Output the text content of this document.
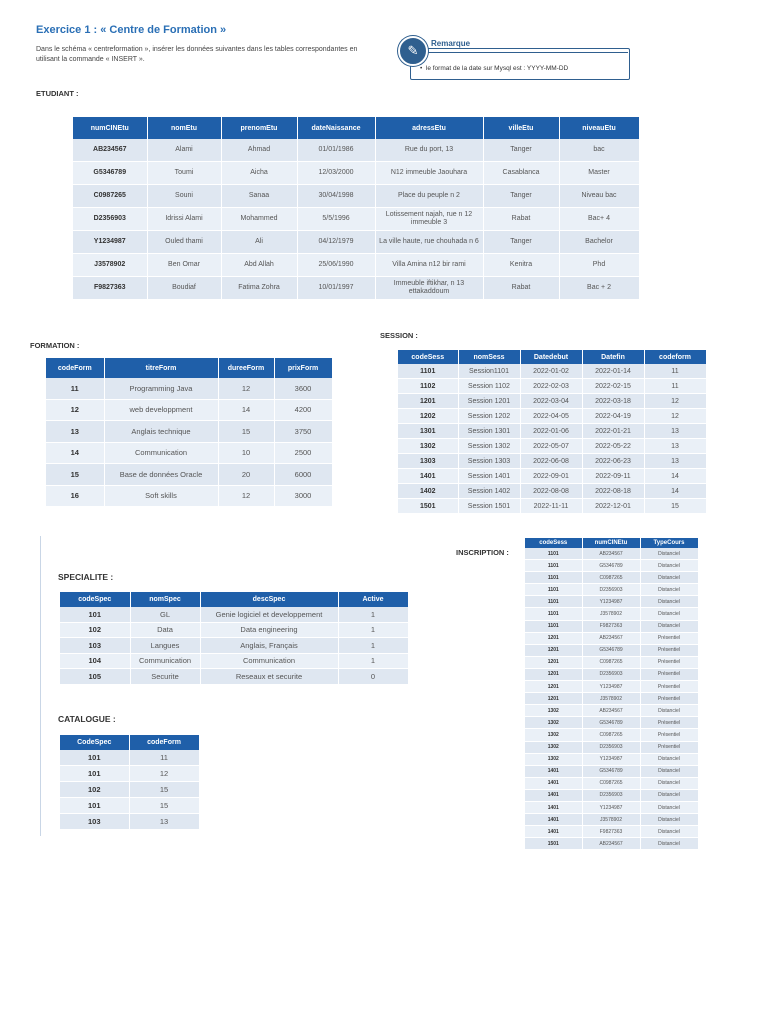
Exercice 1 : « Centre de Formation »
Dans le schéma « centreformation », insérer les données suivantes dans les tables correspondantes en utilisant la commande « INSERT ».
✎	Remarque
•  le format de la date sur Mysql est : YYYY-MM-DD
ETUDIANT :
numCINEtu	nomEtu	prenomEtu	dateNaissance	adressEtu	villeEtu	niveauEtu
AB234567	Alami	Ahmad	01/01/1986	Rue du port, 13	Tanger	bac
G5346789	Toumi	Aicha	12/03/2000	N12 immeuble Jaouhara	Casablanca	Master
C0987265	Souni	Sanaa	30/04/1998	Place du peuple n 2	Tanger	Niveau bac
D2356903	Idrissi Alami	Mohammed	5/5/1996	Lotissement najah, rue n 12 immeuble 3	Rabat	Bac+ 4
Y1234987	Ouled thami	Ali	04/12/1979	La ville haute, rue chouhada n 6	Tanger	Bachelor
J3578902	Ben Omar	Abd Allah	25/06/1990	Villa Amina n12 bir rami	Kenitra	Phd
F9827363	Boudiaf	Fatima Zohra	10/01/1997	Immeuble iftikhar, n 13 ettakaddoum	Rabat	Bac + 2
FORMATION :
codeForm	titreForm	dureeForm	prixForm
11	Programming Java	12	3600
12	web developpment	14	4200
13	Anglais technique	15	3750
14	Communication	10	2500
15	Base de données Oracle	20	6000
16	Soft skills	12	3000
SESSION :
codeSess	nomSess	Datedebut	Datefin	codeform
1101	Session1101	2022-01-02	2022-01-14	11
1102	Session 1102	2022-02-03	2022-02-15	11
1201	Session 1201	2022-03-04	2022-03-18	12
1202	Session 1202	2022-04-05	2022-04-19	12
1301	Session 1301	2022-01-06	2022-01-21	13
1302	Session 1302	2022-05-07	2022-05-22	13
1303	Session 1303	2022-06-08	2022-06-23	13
1401	Session 1401	2022-09-01	2022-09-11	14
1402	Session 1402	2022-08-08	2022-08-18	14
1501	Session 1501	2022-11-11	2022-12-01	15
SPECIALITE :
codeSpec	nomSpec	descSpec	Active
101	GL	Genie logiciel et developpement	1
102	Data	Data engineering	1
103	Langues	Anglais, Français	1
104	Communication	Communication	1
105	Securite	Reseaux et securite	0
CATALOGUE :
CodeSpec	codeForm
101	11
101	12
102	15
101	15
103	13
INSCRIPTION :
codeSess	numCINEtu	TypeCours
1101	AB234567	Distanciel
1101	G5346789	Distanciel
1101	C0987265	Distanciel
1101	D2356903	Distanciel
1101	Y1234987	Distanciel
1101	J3578902	Distanciel
1101	F9827363	Distanciel
1201	AB234567	Présentiel
1201	G5346789	Présentiel
1201	C0987265	Présentiel
1201	D2356903	Présentiel
1201	Y1234987	Présentiel
1201	J3578902	Présentiel
1302	AB234567	Distanciel
1302	G5346789	Présentiel
1302	C0987265	Présentiel
1302	D2356903	Présentiel
1302	Y1234987	Distanciel
1401	G5346789	Distanciel
1401	C0987265	Distanciel
1401	D2356903	Distanciel
1401	Y1234987	Distanciel
1401	J3578902	Distanciel
1401	F9827363	Distanciel
1501	AB234567	Distanciel
